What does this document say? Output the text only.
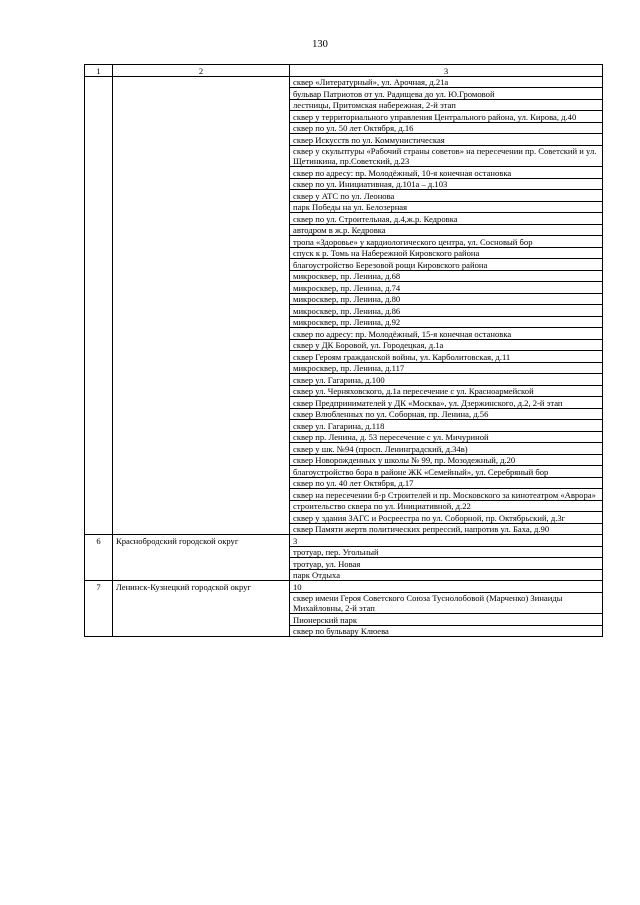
130
1	2	3
		сквер «Литературный», ул. Арочная, д.21а
		бульвар Патриотов от ул. Радищева до ул. Ю.Громовой
		лестницы, Притомская набережная, 2-й этап
		сквер у территориального управления Центрального района, ул. Кирова, д.40
		сквер по ул. 50 лет Октября, д.16
		сквер Искусств по ул. Коммунистическая
		сквер у скульптуры «Рабочий страны советов» на пересечении пр. Советский и ул. Щетинкина, пр.Советский, д.23
		сквер по адресу: пр. Молодёжный, 10-я конечная остановка
		сквер по ул. Инициативная, д.101а – д.103
		сквер у АТС по ул. Леонова
		парк Победы на ул. Белозерная
		сквер по ул. Строительная, д.4,ж.р. Кедровка
		автодром в ж.р. Кедровка
		тропа «Здоровье» у кардиологического центра, ул. Сосновый бор
		спуск к р. Томь на Набережной Кировского района
		благоустройство Березовой рощи Кировского района
		микросквер, пр. Ленина, д.68
		микросквер, пр. Ленина, д.74
		микросквер, пр. Ленина, д.80
		микросквер, пр. Ленина, д.86
		микросквер, пр. Ленина, д.92
		сквер по адресу: пр. Молодёжный, 15-я конечная остановка
		сквер у ДК Боровой, ул. Городецкая, д.1а
		сквер Героям гражданской войны, ул. Карболитовская, д.11
		микросквер, пр. Ленина, д.117
		сквер ул. Гагарина, д.100
		сквер ул. Черняховского, д.1а пересечение с ул. Красноармейской
		сквер Предпринимателей у ДК «Москва», ул. Дзержинского, д.2, 2-й этап
		сквер Влюбленных по ул. Соборная, пр. Ленина, д.56
		сквер ул. Гагарина, д.118
		сквер пр. Ленина, д. 53 пересечение с ул. Мичуриной
		сквер у шк. №94 (просп. Ленинградский, д.34в)
		сквер Новорожденных у школы № 99, пр. Мозодежный, д.20
		благоустройство бора в районе ЖК «Семейный», ул. Серебряный бор
		сквер по ул. 40 лет Октября, д.17
		сквер на пересечении б-р Строителей и пр. Московского за кинотеатром «Аврора»
		строительство сквера по ул. Инициативной, д.22
		сквер у здания ЗАГС и Росреестра по ул. Соборной, пр. Октябрьский, д.3г
		сквер Памяти жертв политических репрессий, напротив ул. Баха, д.90
6	Краснобродский городской округ	3
		тротуар, пер. Угольный
		тротуар, ул. Новая
		парк Отдыха
7	Ленинск-Кузнецкий городской округ	10
		сквер имени Героя Советского Союза Туснолобовой (Марченко) Зинаиды Михайловны, 2-й этап
		Пионерский парк
		сквер по бульвару Клюева
